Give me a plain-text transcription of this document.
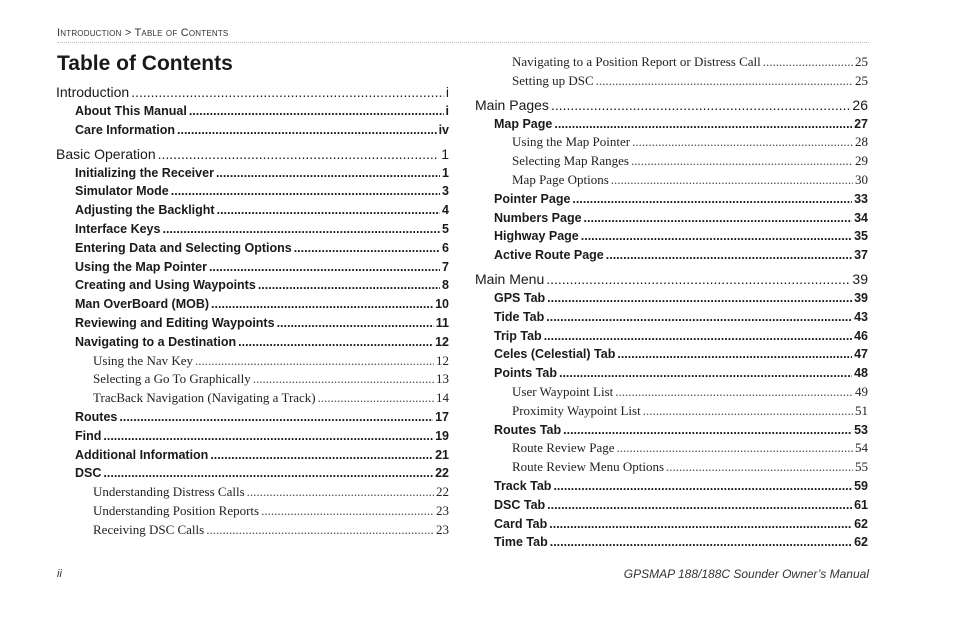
Introduction > Table of Contents
Table of Contents
Introduction .....	i
About This Manual .....	i
Care Information .....	iv
Basic Operation .....	1
Initializing the Receiver .....	1
Simulator Mode .....	3
Adjusting the Backlight .....	4
Interface Keys .....	5
Entering Data and Selecting Options .....	6
Using the Map Pointer .....	7
Creating and Using Waypoints .....	8
Man OverBoard (MOB) .....	10
Reviewing and Editing Waypoints .....	11
Navigating to a Destination .....	12
Using the Nav Key .....	12
Selecting a Go To Graphically .....	13
TracBack Navigation (Navigating a Track) .....	14
Routes .....	17
Find .....	19
Additional Information .....	21
DSC .....	22
Understanding Distress Calls .....	22
Understanding Position Reports .....	23
Receiving DSC Calls .....	23
Navigating to a Position Report or Distress Call .....	25
Setting up DSC .....	25
Main Pages .....	26
Map Page .....	27
Using the Map Pointer .....	28
Selecting Map Ranges .....	29
Map Page Options .....	30
Pointer Page .....	33
Numbers Page .....	34
Highway Page .....	35
Active Route Page .....	37
Main Menu .....	39
GPS Tab .....	39
Tide Tab .....	43
Trip Tab .....	46
Celes (Celestial) Tab .....	47
Points Tab .....	48
User Waypoint List .....	49
Proximity Waypoint List .....	51
Routes Tab .....	53
Route Review Page .....	54
Route Review Menu Options .....	55
Track Tab .....	59
DSC Tab .....	61
Card Tab .....	62
Time Tab .....	62
ii	GPSMAP 188/188C Sounder Owner’s Manual
